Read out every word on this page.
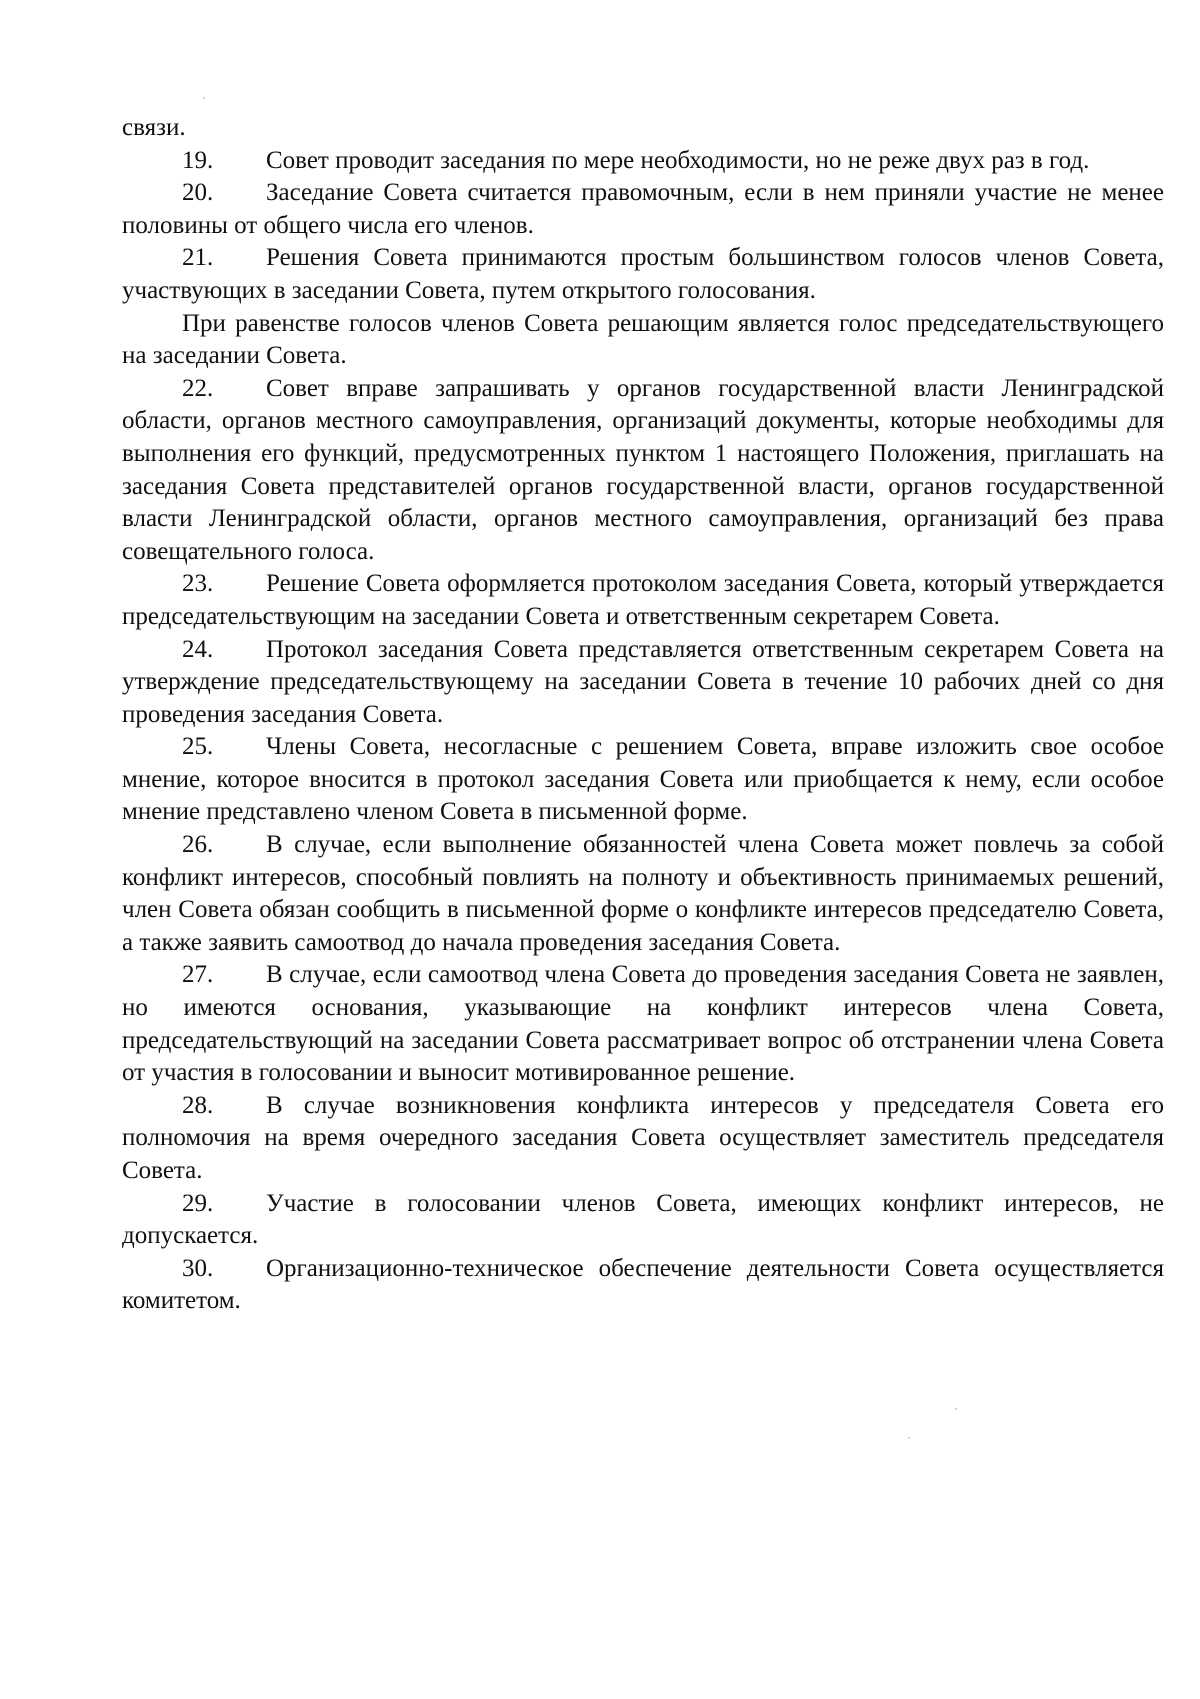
связи.

19. Совет проводит заседания по мере необходимости, но не реже двух раз в год.

20. Заседание Совета считается правомочным, если в нем приняли участие не менее половины от общего числа его членов.

21. Решения Совета принимаются простым большинством голосов членов Совета, участвующих в заседании Совета, путем открытого голосования.

При равенстве голосов членов Совета решающим является голос председательствующего на заседании Совета.

22. Совет вправе запрашивать у органов государственной власти Ленинградской области, органов местного самоуправления, организаций документы, которые необходимы для выполнения его функций, предусмотренных пунктом 1 настоящего Положения, приглашать на заседания Совета представителей органов государственной власти, органов государственной власти Ленинградской области, органов местного самоуправления, организаций без права совещательного голоса.

23. Решение Совета оформляется протоколом заседания Совета, который утверждается председательствующим на заседании Совета и ответственным секретарем Совета.

24. Протокол заседания Совета представляется ответственным секретарем Совета на утверждение председательствующему на заседании Совета в течение 10 рабочих дней со дня проведения заседания Совета.

25. Члены Совета, несогласные с решением Совета, вправе изложить свое особое мнение, которое вносится в протокол заседания Совета или приобщается к нему, если особое мнение представлено членом Совета в письменной форме.

26. В случае, если выполнение обязанностей члена Совета может повлечь за собой конфликт интересов, способный повлиять на полноту и объективность принимаемых решений, член Совета обязан сообщить в письменной форме о конфликте интересов председателю Совета, а также заявить самоотвод до начала проведения заседания Совета.

27. В случае, если самоотвод члена Совета до проведения заседания Совета не заявлен, но имеются основания, указывающие на конфликт интересов члена Совета, председательствующий на заседании Совета рассматривает вопрос об отстранении члена Совета от участия в голосовании и выносит мотивированное решение.

28. В случае возникновения конфликта интересов у председателя Совета его полномочия на время очередного заседания Совета осуществляет заместитель председателя Совета.

29. Участие в голосовании членов Совета, имеющих конфликт интересов, не допускается.

30. Организационно-техническое обеспечение деятельности Совета осуществляется комитетом.
